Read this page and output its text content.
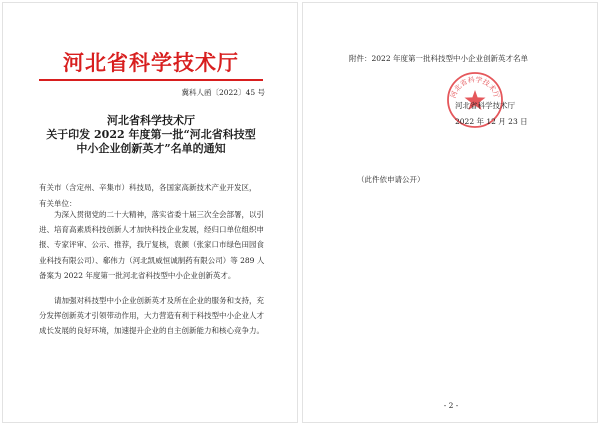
河北省科学技术厅
冀科人函〔2022〕45 号
河北省科学技术厅
关于印发 2022 年度第一批“河北省科技型
中小企业创新英才”名单的通知
有关市（含定州、辛集市）科技局，各国家高新技术产业开发区，
有关单位：

为深入贯彻党的二十大精神，落实省委十届三次全会部署，以引进、培育高素质科技创新人才加快科技企业发展，经归口单位组织申报、专家评审、公示、推荐，我厅复核，袁颜（张家口市绿色田园食业科技有限公司）、郗伟力（河北凯威恒诚制药有限公司）等 289 人备案为 2022 年度第一批河北省科技型中小企业创新英才。

请加强对科技型中小企业创新英才及所在企业的服务和支持，充分发挥创新英才引领带动作用，大力营造有利于科技型中小企业人才成长发展的良好环境，加速提升企业的自主创新能力和核心竞争力。

附件：2022 年度第一批科技型中小企业创新英才名单
河北省科学技术厅
河北省科学技术厅
2022 年 12 月 23 日
（此件依申请公开）
- 2 -
